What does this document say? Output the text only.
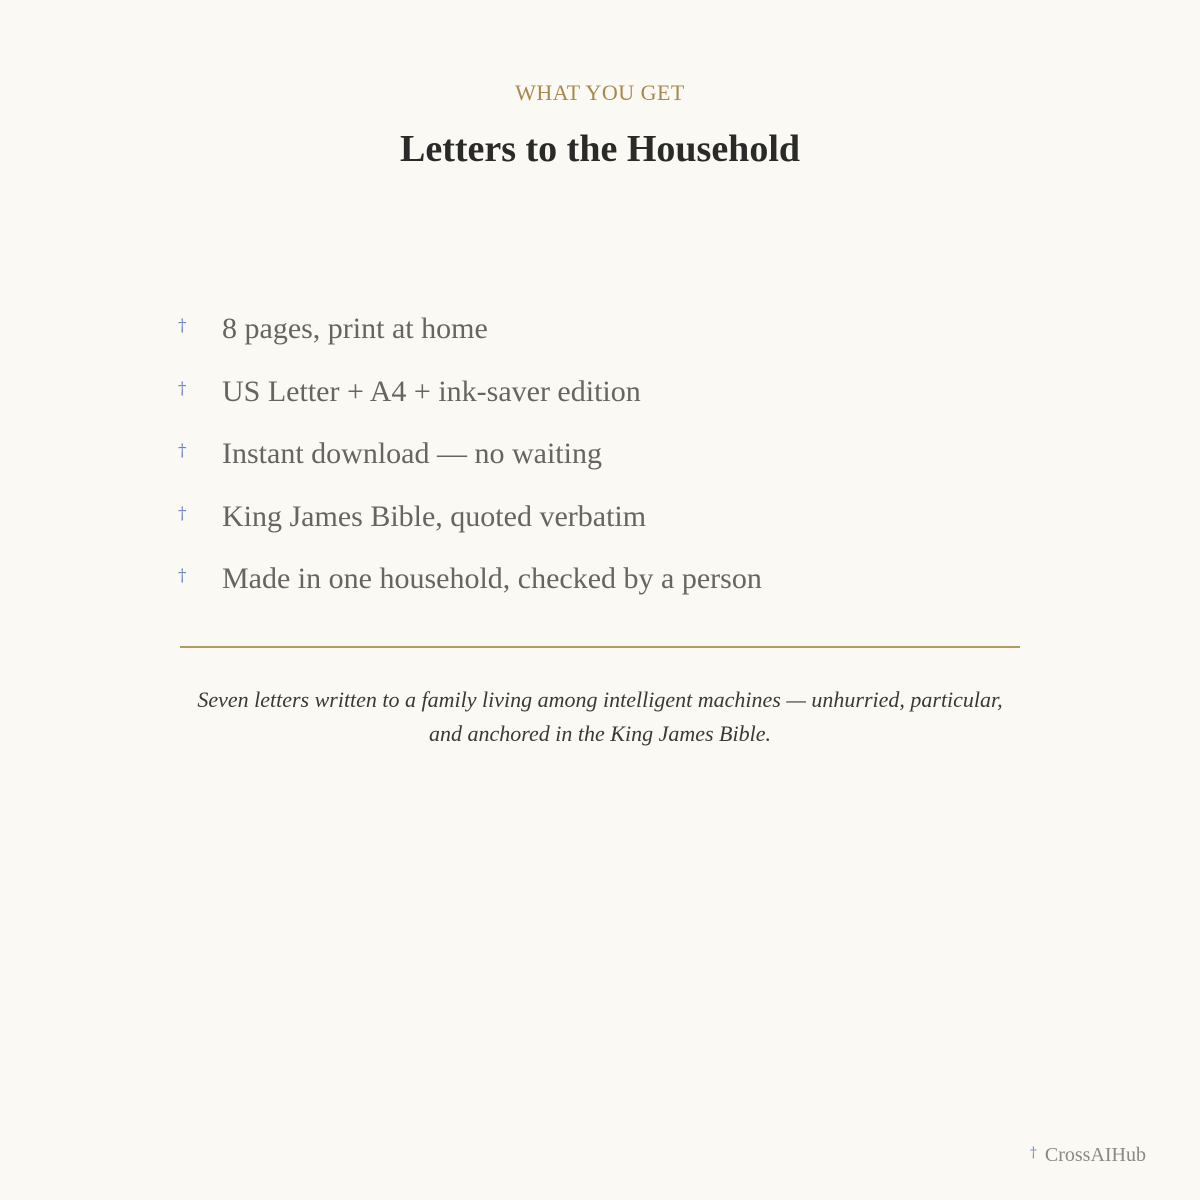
WHAT YOU GET
Letters to the Household
† 8 pages, print at home
† US Letter + A4 + ink-saver edition
† Instant download — no waiting
† King James Bible, quoted verbatim
† Made in one household, checked by a person

Seven letters written to a family living among intelligent machines — unhurried, particular, and anchored in the King James Bible.

† CrossAIHub
